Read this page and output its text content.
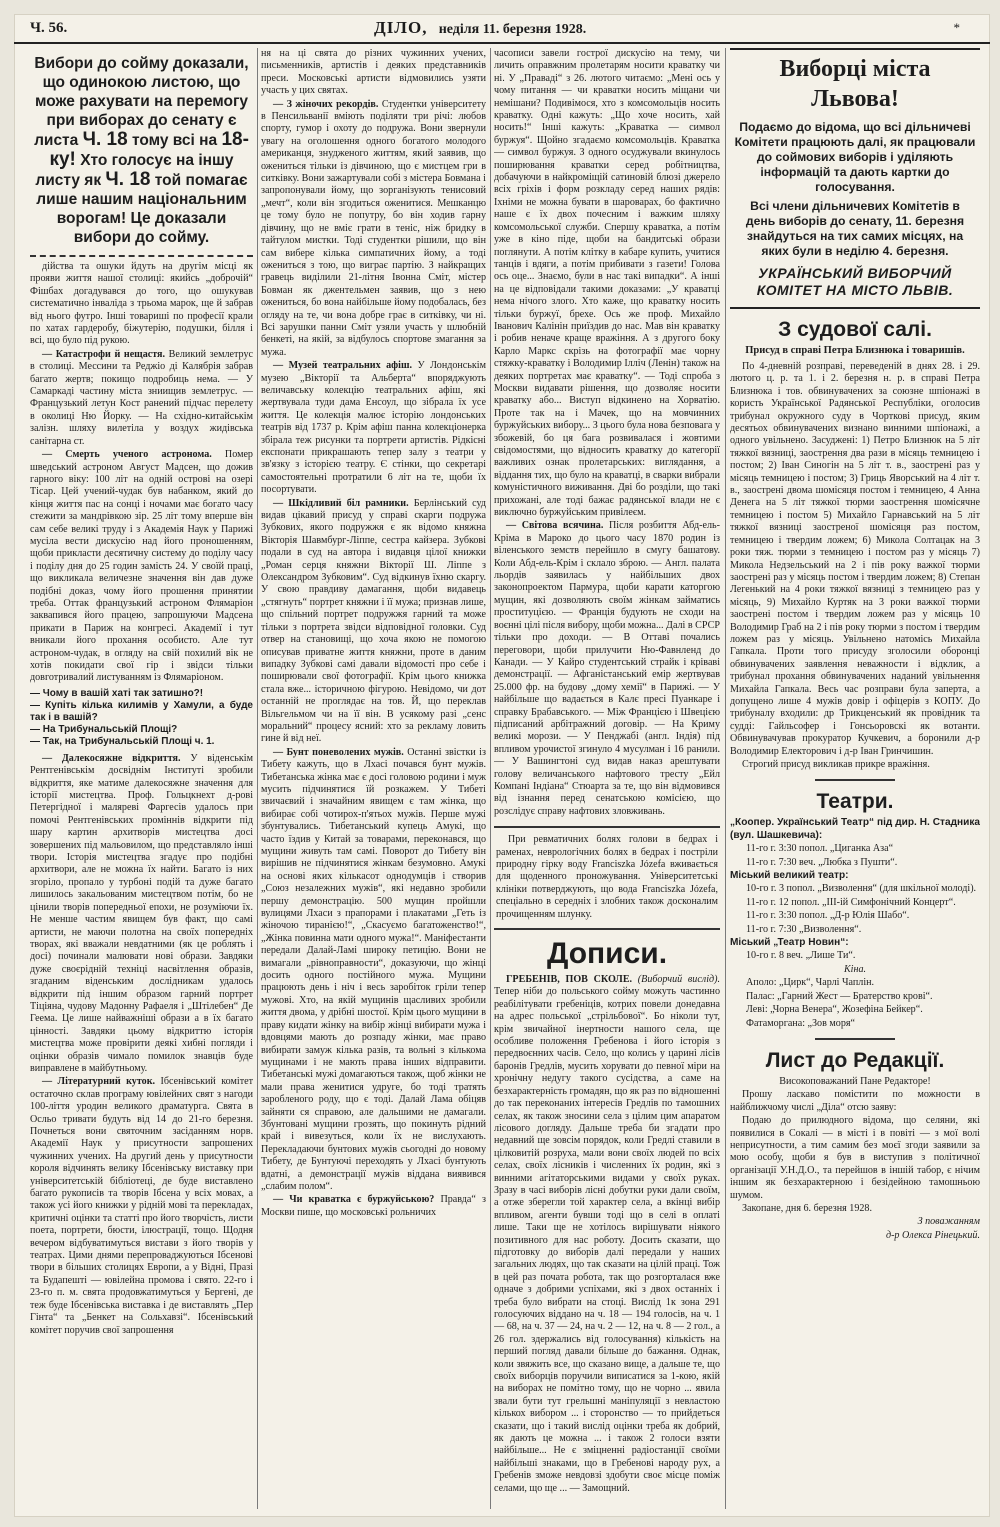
Ч. 56.	ДІЛО, неділя 11. березня 1928.	*
Вибори до сойму доказали, що одинокою листою, що може рахувати на перемогу при виборах до сенату є листа Ч. 18 тому всі на 18-ку! Хто голосує на іншу листу як Ч. 18 той помагає лише нашим національним ворогам! Це доказали вибори до сойму.

дійства та ошуки йдуть на другім місці як прояви життя нашої столиці: якийсь „доброчій“ Фішбах догадувався до того, що ошукував систематично інваліда з трьома марок, ще й забрав від нього футро. Інші товариші по професії крали по хатах гардеробу, біжутерію, подушки, білля і всі, що було під рукою.

— Катастрофи й нещастя. Великий землетрус в столиці. Мессини та Реджіо ді Калябрія забрав багато жертв; покищо подробиць нема. — У Самаркаді частину міста зниищив землетрус. — Французький летун Кост ранений підчас перелету в околиці Ню Йорку. — На східно-китайськім залізн. шляху вилетіла у воздух жидівська санітарна ст.

— Смерть ученого астронома. Помер шведський астроном Август Мадсен, що дожив гарного віку: 100 літ на одній острові на озері Тісар. Цей учений-чудак був набанком, який до кінця життя пас на сонці і ночами має богато часу стежити за мандрівкою зір. 25 літ тому вперше він сам себе великі труду і з Академія Наук у Парижі мусіла вести дискусію над його проношенням, щоби прикласти десятичну систему до поділу часу і поділу дня до 25 годин замість 24. У своїй праці, що викликала величезне значення він дав дуже подібні доказ, чому його прошення принятии треба. Оттак французький астроном Флямаріон заквапився його працею, запрошуючи Мадсена прикати в Париж на конгресі. Академії і тут вникали його прохання особисто. Але тут астроном-чудак, в огляду на свій похилий вік не хотів покидати свої гір і звідси тільки довготривалий листуванням із Флямаріоном.

— Чому в вашій хаті так затишно?!
— Купіть кілька килимів у Хамули, а буде так і в вашій?
— На Трибунальській Площі?
— Так, на Трибунальській Площі ч. 1.

— Далекосяжне відкриття. У віденськім Рентгенівськім досвіднім Інституті зробили відкриття, яке матиме далекосяжне значення для історії мистецтва. Проф. Гольцкнехт д-рові Петергідної і маляреві Фаргесів удалось при помочі Рентгенівських проміннів відкрити під шару картин архитворів мистецтва досі зовершених під мальовилом, що представляло інші твори. Історія мистецтва згадує про подібні архитвори, але не можна їх найти. Багато із них згоріло, пропало у турбоні подій та дуже багато лишилось закальованим мистецтвом потім, бо не цінили творів попередньої епохи, не розуміючи їх. Не менше частим явищем був факт, що самі артисти, не маючи полотна на своїх попередніх творах, які вважали невдатними (як це роблять і досі) починали малювати нові образи. Завдяки дуже своєрідній техніці насвітлення образів, згаданим віденським дослідникам удалось відкрити під іншим образом гарний портрет Тіціяна, чудову Мадонну Рафаеля і „Штілебен“ Де Геема. Це лише найважніші образи а в їх багато цінності. Завдяки цьому відкриттю історія мистецтва може провірити деякі хибні погляди і оцінки образів чимало помилок знавців буде виправлене в майбутньому.

— Літературний куток. Ібсенівський комітет остаточно склав програму ювілейних свят з нагоди 100-ліття уродин великого драматурга. Свята в Осльо тривати будуть від 14 до 21-го березня. Почнеться вони святочним засіданням норв. Академії Наук у присутности запрошених чужинних учених. На другий день у присутности короля відчинять велику Ібсенівську виставку при університетській бібліотеці, де буде виставлено багато рукописів та творів Ібсена у всіх мовах, а також усі його книжки у рідній мові та перекладах, критичні оцінки та статті про його творчість, листи поета, портрети, бюсти, ілюстрації, тощо. Щодня вечером відбуватимуться вистави з його творів у театрах. Цими днями перепроваджуються Ібсенові твори в більших столицях Европи, а у Відні, Празі та Будапешті — ювілейна промова і свято. 22-го і 23-го п. м. свята продовжатимуться у Бергені, де теж буде Ібсенівська виставка і де виставлять „Пер Гінта“ та „Бенкет на Сольхавзі“. Ібсенівський комітет поручив свої запрошення

ня на ці свята до різних чужинних учених, письменників, артистів і деяких представників преси. Московські артисти відмовились узяти участь у цих святах.

— З жіночих рекордів. Студентки університету в Пенсильванії вміють поділяти три річі: любов спорту, гумор і охоту до подружа. Вони звернули увагу на оголошення одного богатого молодого американця, знудженого життям, який заявив, що ожениться тільки із дівчиною, що є мистцем гри в ситківку. Вони зажартували собі з містера Бовмана і запропонували йому, що зорганізують тенисовий „мечт“, коли він згодиться оженитися. Мешканцю це тому було не попутру, бо він ходив гарну дівчину, що не вміє грати в теніс, ніж бридку в тайтулом мистки. Тоді студентки рішили, що він сам вибере кілька симпатичних йому, а тоді ожениться з тою, що виграє партію. З найкращих гравець виділили 21-літня Івонна Сміт, містер Бовман як джентельмен заявив, що з нею ожениться, бо вона найбільше йому подобалась, без огляду на те, чи вона добре грає в ситківку, чи ні. Всі зарушки панни Сміт узяли участь у шлюбній бенкеті, на якій, за відбулось спортове змагання за мужа.

— Музей театральних афіш. У Лондонськім музею „Вікторії та Альберта“ впоряджують величавську колекцію театральних афіш, які жертвувала туди дама Енсоул, що зібрала їх усе життя. Це колекція малює історію лондонських театрів від 1737 р. Крім афіш панна колекціонерка збірала теж рисунки та портрети артистів. Рідкісні експонати прикрашають тепер залу з театри у зв'язку з історією театру. Є стінки, що секретарі самостоятельні протратили 6 літ на те, щоби їх посортувати.

— Шкідливий біл рамники. Берлінський суд видав цікавий присуд у справі скарги подружа Зубкових, якого подружжя є як відомо княжна Вікторія Шавмбург-Ліппе, сестра кайзера. Зубкові подали в суд на автора і видавця цілої книжки „Роман серця княжни Вікторії Ш. Ліппе з Олександром Зубковим“. Суд відкинув їхню скаргу. У свою правдиву дамагання, щоби видавець „стягнуть“ портрет княжни і її мужа; признав лише, що спільний портрет подружжя гарний та може тільки з портрета звідси відповідної головки. Суд отвер на становищі, що хоча якою не помогою описував приватне життя княжни, проте в даним випадку Зубкові самі давали відомості про себе і поширювали свої фотографії. Крім цього книжка стала вже... історичною фігурою. Невідомо, чи дот останній не проглядає на тов. Й, що переклав Вільгельмом чи на її він. В усякому разі „сенс моральний“ процесу ясний: хто за рекламу ловить гине й від неї.

— Бунт поневолених мужів. Останні звістки із Тибету кажуть, що в Лхасі почався бунт мужів. Тибетанська жінка має є досі головою родини і муж мусить підчинятися їй розкажем. У Тибеті звичаєвий і значайним явищем є там жінка, що вибирає собі чотирох-п'ятьох мужів. Перше мужі збунтувались. Тибетанський купець Амукі, що часто їздив у Китай за товарами, переконався, що мущини живуть там самі. Поворот до Тибету він вирішив не підчинятися жінкам безумовно. Амукі на основі яких кількасот однодумців і створив „Союз незалежних мужів“, які недавно зробили першу демонстрацію. 500 мущин пройшли вулицями Лхаси з прапорами і плакатами „Геть із жіночою тиранією!“, „Скасуємо багатоженство!“, „Жінка повинна мати одного мужа!“. Манiфестанти передали Далай-Ламі широку петицію. Вони не вимагали „рівноправности“, доказуючи, що жінці досить одного постійного мужа. Мущини працюють день і ніч і весь заробіток гріли тепер мужовi. Хто, на якій мущинів щасливих зробили життя двома, у дрібні шостої. Крім цього мущини в праву кидати жінку на вибір жінці вибирати мужа і вдовцями мають до розпаду жінки, має право вибирати замуж кілька разів, та вольні з кількома мущинами і не мають права інших відправити. Тибетанські мужі домагаються також, щоб жінки не мали права женитися удруге, бо тоді тратять заробленого роду, що є тоді. Далай Лама обіцяв зайняти ся справою, але дальшими не дамагали. Збунтовані мущини грозять, що покинуть рідний край і вивезуться, коли їх не вислухають. Перекладаючи бунтових мужів сьогодні до новому Тибету, де Бунтуючі переходять у Лхасі бунтують вдатні, а демонстрації мужів віддана виявився „слабим полом“.

— Чи краватка є буржуйською? Правда“ з Москви пише, що московські рольничих

часописи завели гострої дискусію на тему, чи личить оправжним пролетарям носити краватку чи ні. У „Праваді“ з 26. лютого читаємо: „Мені ось у чому питання — чи краватки носить міщани чи немішани? Подивімося, хто з комсомольців носить краватку. Одні кажуть: „Що хоче носить, хай носить!“ Інші кажуть: „Краватка — символ буржуя“. Щойно згадаємо комсомольців. Краватка — символ буржуя. З одного осуджували вкинулось поширювання краватки серед робітництва, добачуючи в найкроміщій сатиновій блюзі джерело всіх гріхів і форм розкладу серед наших рядів: Іхніми не можна бувати в шароварах, бо фактично наше є їх двох почесним і важким шляху комсомольської служби. Спершу краватка, а потім уже в кіно піде, щоби на бандитські образи поглянути. А потім клітку в кабаре купить, учитися танців і вдяги, а потім прибивати з газети! Голова ось оце... Знаємо, були в нас такі випадки“. А інші на це відповідали такими доказами: „У краватці нема нічого злого. Хто каже, що краватку носить тільки буржуї, брехе. Ось же проф. Михайло Іванович Калінін приїздив до нас. Мав він краватку і робив неначе краще вражіння. А з другого боку Карло Маркс скрізь на фотографії має чорну стяжку-краватку і Володимир Ілліч (Ленін) також на деяких портретах має краватку“. — Тоді спроба з Москви видавати рішення, що дозволяє носити краватку або... Виступ відкинено на Хорватію. Проте так на і Мачек, що на мовчинних буржуйських вибору... З цього була нова безповага у збожевій, бо ця бага розвивалася і жовтими свідомостями, що відносить краватку до категорії важливих ознак пролетарських: виглядання, а віддання тих, що було на краватці, в сварки вибрали комуністичного виживання. Дві бо розділи, що такі прихожані, але тоді бажає радянської влади не є виключно буржуйським привілеєм.

— Світова всячина. Після розбиття Абд-ель-Кріма в Мароко до цього часу 1870 родин із віленського земств перейшло в смугу башатову. Коли Абд-ель-Крім і склало зброю. — Англ. палата льордів заявилась у найбільших двох законопроектом Пармура, щоби карати каторгою мущин, які дозволяють своїм жінкам займатись проституцією. — Франція будують не сходи на воєнні цілі після вибору, щоби можна... Далі в СРСР тільки про доходи. — В Оттаві почались переговори, щоби прилучити Ню-Фавнленд до Канади. — У Кайро студентський страйк і кріваві демонстрації. — Афганістанський емір жертвував 25.000 фр. на будову „дому хемії“ в Парижі. — У найбільше що вадається в Калє пресі Пуанкаре і справку Брабавського. — Між Францією і Швецією підписаний арбітражний договір. — На Криму великі морози. — У Пенджабі (англ. Індія) під впливом урочистої згинуло 4 мусулман і 16 ранили. — У Вашингтоні суд видав наказ арештувати голову величанського нафтового тресту „Ейл Компані Індіана“ Стюарта за те, що він відмовився від ізнання перед сенатською комісією, що розслідує справу нафтових зловживань.

При ревматичних болях голови в бедрах і раменах, неврологічних болях в бедрах і постріли природну гірку воду Franciszka Józefa вживається для щоденного проножування. Університетські клініки потверджують, що вода Franciszka Józefa, спеціально в середніх і злобних також досконалим прочищенням шлунку.

Дописи.

ГРЕБЕНІВ, ПОВ СКОЛЕ. (Виборчий вислід). Тепер ніби до польського сойму можуть частинно реабілітувати гребеніців, котрих повели донедавна на адрес польської „стрільбової“. Бо ніколи тут, крім звичайної інертности нашого села, ще особливе положення Гребенова і його історія з передвоєнних часів. Село, що колись у царині лісів баронів Гредлів, мусить хорувати до певної міри на хронічну недугу такого сусідства, а саме на безхарактерність громадян, що як раз по відношенні до так переконаних інтересів Гредлів по тамошних селах, як також зносини села з цілим цим апаратом лісового догляду. Дальше треба би згадати про недавний ще зовсім порядок, коли Гредлі ставили в цілковитій розруха, мали вони своїх людей по всіх селах, своїх лісників і численних їх родин, які з винними агітаторськими видами у своїх руках. Зразу в часі виборів лісні добутки руки дали своїм, а отже зберегли той характер села, а вкінці вибір впливом, агенти бувши тоді що в селі в оплаті лише. Таки ще не хотілось вирішувати ніякого позитивного для нас роботу. Досить сказати, що підготовку до виборів далі передали у наших загальних людях, що так сказати на цілій праці. Тож в цей раз почата робота, так що розгорталася вже одначе з добрими успіхами, які з двох останніх і треба було вибрати на стоці. Вислід 1к зона 291 голосуючих віддано на ч. 18 — 194 голосів, на ч. 1 — 68, на ч. 37 — 24, на ч. 2 — 12, на ч. 8 — 2 гол., а 26 гол. здержались від голосування) кількість на перший погляд давали більше до бажання. Однак, коли звяжить все, що сказано вище, а дальше те, що своїх виборців поручили виписатися за 1-кою, якій на виборах не помітно тому, що не чорно ... явила звали бути тут грельшні маніпуляції з невластою кількох вибором ... і сторонство — то прийдеться сказати, що і такий вислід оцінки треба як добрий, як дають це можна ... і також 2 голоси взяти найбільше... Не є зміцненні радіостанції своїми найбільші знаками, що в Гребенові народу рух, а Гребенів зможе невдовзі здобути своє місце поміж селами, що ще ... — Замощний.

Виборці міста Львова!
Подаємо до відома, що всі дільничеві Комітети працюють далі, як працювали до соймових виборів і уділяють інформацій та дають картки до голосування.
Всі члени дільничевих Комітетів в день виборів до сенату, 11. березня знайдуться на тих самих місцях, на яких були в неділю 4. березня.
УКРАЇНСЬКИЙ ВИБОРЧИЙ КОМІТЕТ НА МІСТО ЛЬВІВ.
З судової салі.
Присуд в справі Петра Близнюка і товаришів.

По 4-дневній розправі, переведеній в днях 28. і 29. лютого ц. р. та 1. і 2. березня н. р. в справі Петра Близнюка і тов. обвинувачених за союзне шпіонажі в користь Української Радянської Республіки, оголосив трибунал окружного суду в Чорткові присуд, яким десятьох обвинувачених визнано винними шпіонажі, а одного увільнено. Засуджені: 1) Петро Близнюк на 5 літ тяжкої вязниці, заострення два рази в місяць темницею і постом; 2) Іван Синогін на 5 літ т. в., заострені раз у місяць темницею і постом; 3) Гриць Яворський на 4 літ т. в., заострені двома шомісяця постом і темницею, 4 Анна Денега на 5 літ тяжкої тюрми заострення шомісячне темницею і постом 5) Михайло Гарнавський на 5 літ тяжкої вязниці заостреної шомісяця раз постом, темницею і твердим ложем; 6) Микола Солтацак на 3 роки тяж. тюрми з темницею і постом раз у місяць 7) Микола Недзельський на 2 і пів року важкої тюрми заострені раз у місяць постом і твердим ложем; 8) Степан Легенький на 4 роки тяжкої вязниці з темницею раз у місяць, 9) Михайло Куртяк на 3 роки важкої тюрми заострені постом і твердим ложем раз у місяць 10 Володимир Граб на 2 і пів року тюрми з постом і твердим ложем раз у місяць. Увільнено натомісь Михайла Гапкала. Проти того присуду зголосили оборонці обвинувачених заявлення неважности і відклик, а трибунал прохання обвинувачених наданий увільнення Михайла Гапкала. Весь час розправи була заперта, а допущено лише 4 мужів довір і офіцерів з КОПУ. До трибуналу входили: др Трикценський як провідник та судді: Гайльсофер і Гонсьоровскі як вотанти. Обвинувачував прокуратор Кучкевич, а боронили д-р Володимир Електорович і д-р Іван Гринчишин.

Строгий присуд викликав прикре вражіння.

Театри.

„Коопер. Український Театр“ під дир. Н. Стадника (вул. Шашкевича):

11-го г. 3:30 попол. „Циганка Аза“

11-го г. 7:30 веч. „Любка з Пушти“.

Міський великий театр:

10-го г. 3 попол. „Визволення“ (для шкільної молоді).

11-го г. 12 попол. „ІІІ-ій Симфонічний Концерт“.

11-го г. 3:30 попол. „Д-р Юлія Шабо“.

11-го г. 7:30 „Визволення“.

Міський „Театр Новин“:

10-го г. 8 веч. „Лише Ти“.

Кіна.

Аполо: „Цирк“, Чарлі Чаплін.

Палас: „Гарний Жест — Братерство крові“.

Леві: „Чорна Венера“, Жозефіна Бейкер“.

Фатаморгана: „Зов моря“

Лист до Редакції.

Високоповажаний Пане Редакторе!

Прошу ласкаво помістити по можности в найближчому числі „Діла“ отсю заяву:

Подаю до прилюдного відома, що селяни, які появилися в Сокалі — в місті і в повіті — з мої волі неприсутности, а тим самим без моєї згоди заявили за мою особу, щоби я був в виступив з політичної організації У.Н.Д.О., та перейшов в іншій табор, є нічим іншим як безхарактерною і безідейною тамошньою шумом.

Закопане, дня 6. березня 1928.

З поважанням

д-р Олекса Рінецький.
